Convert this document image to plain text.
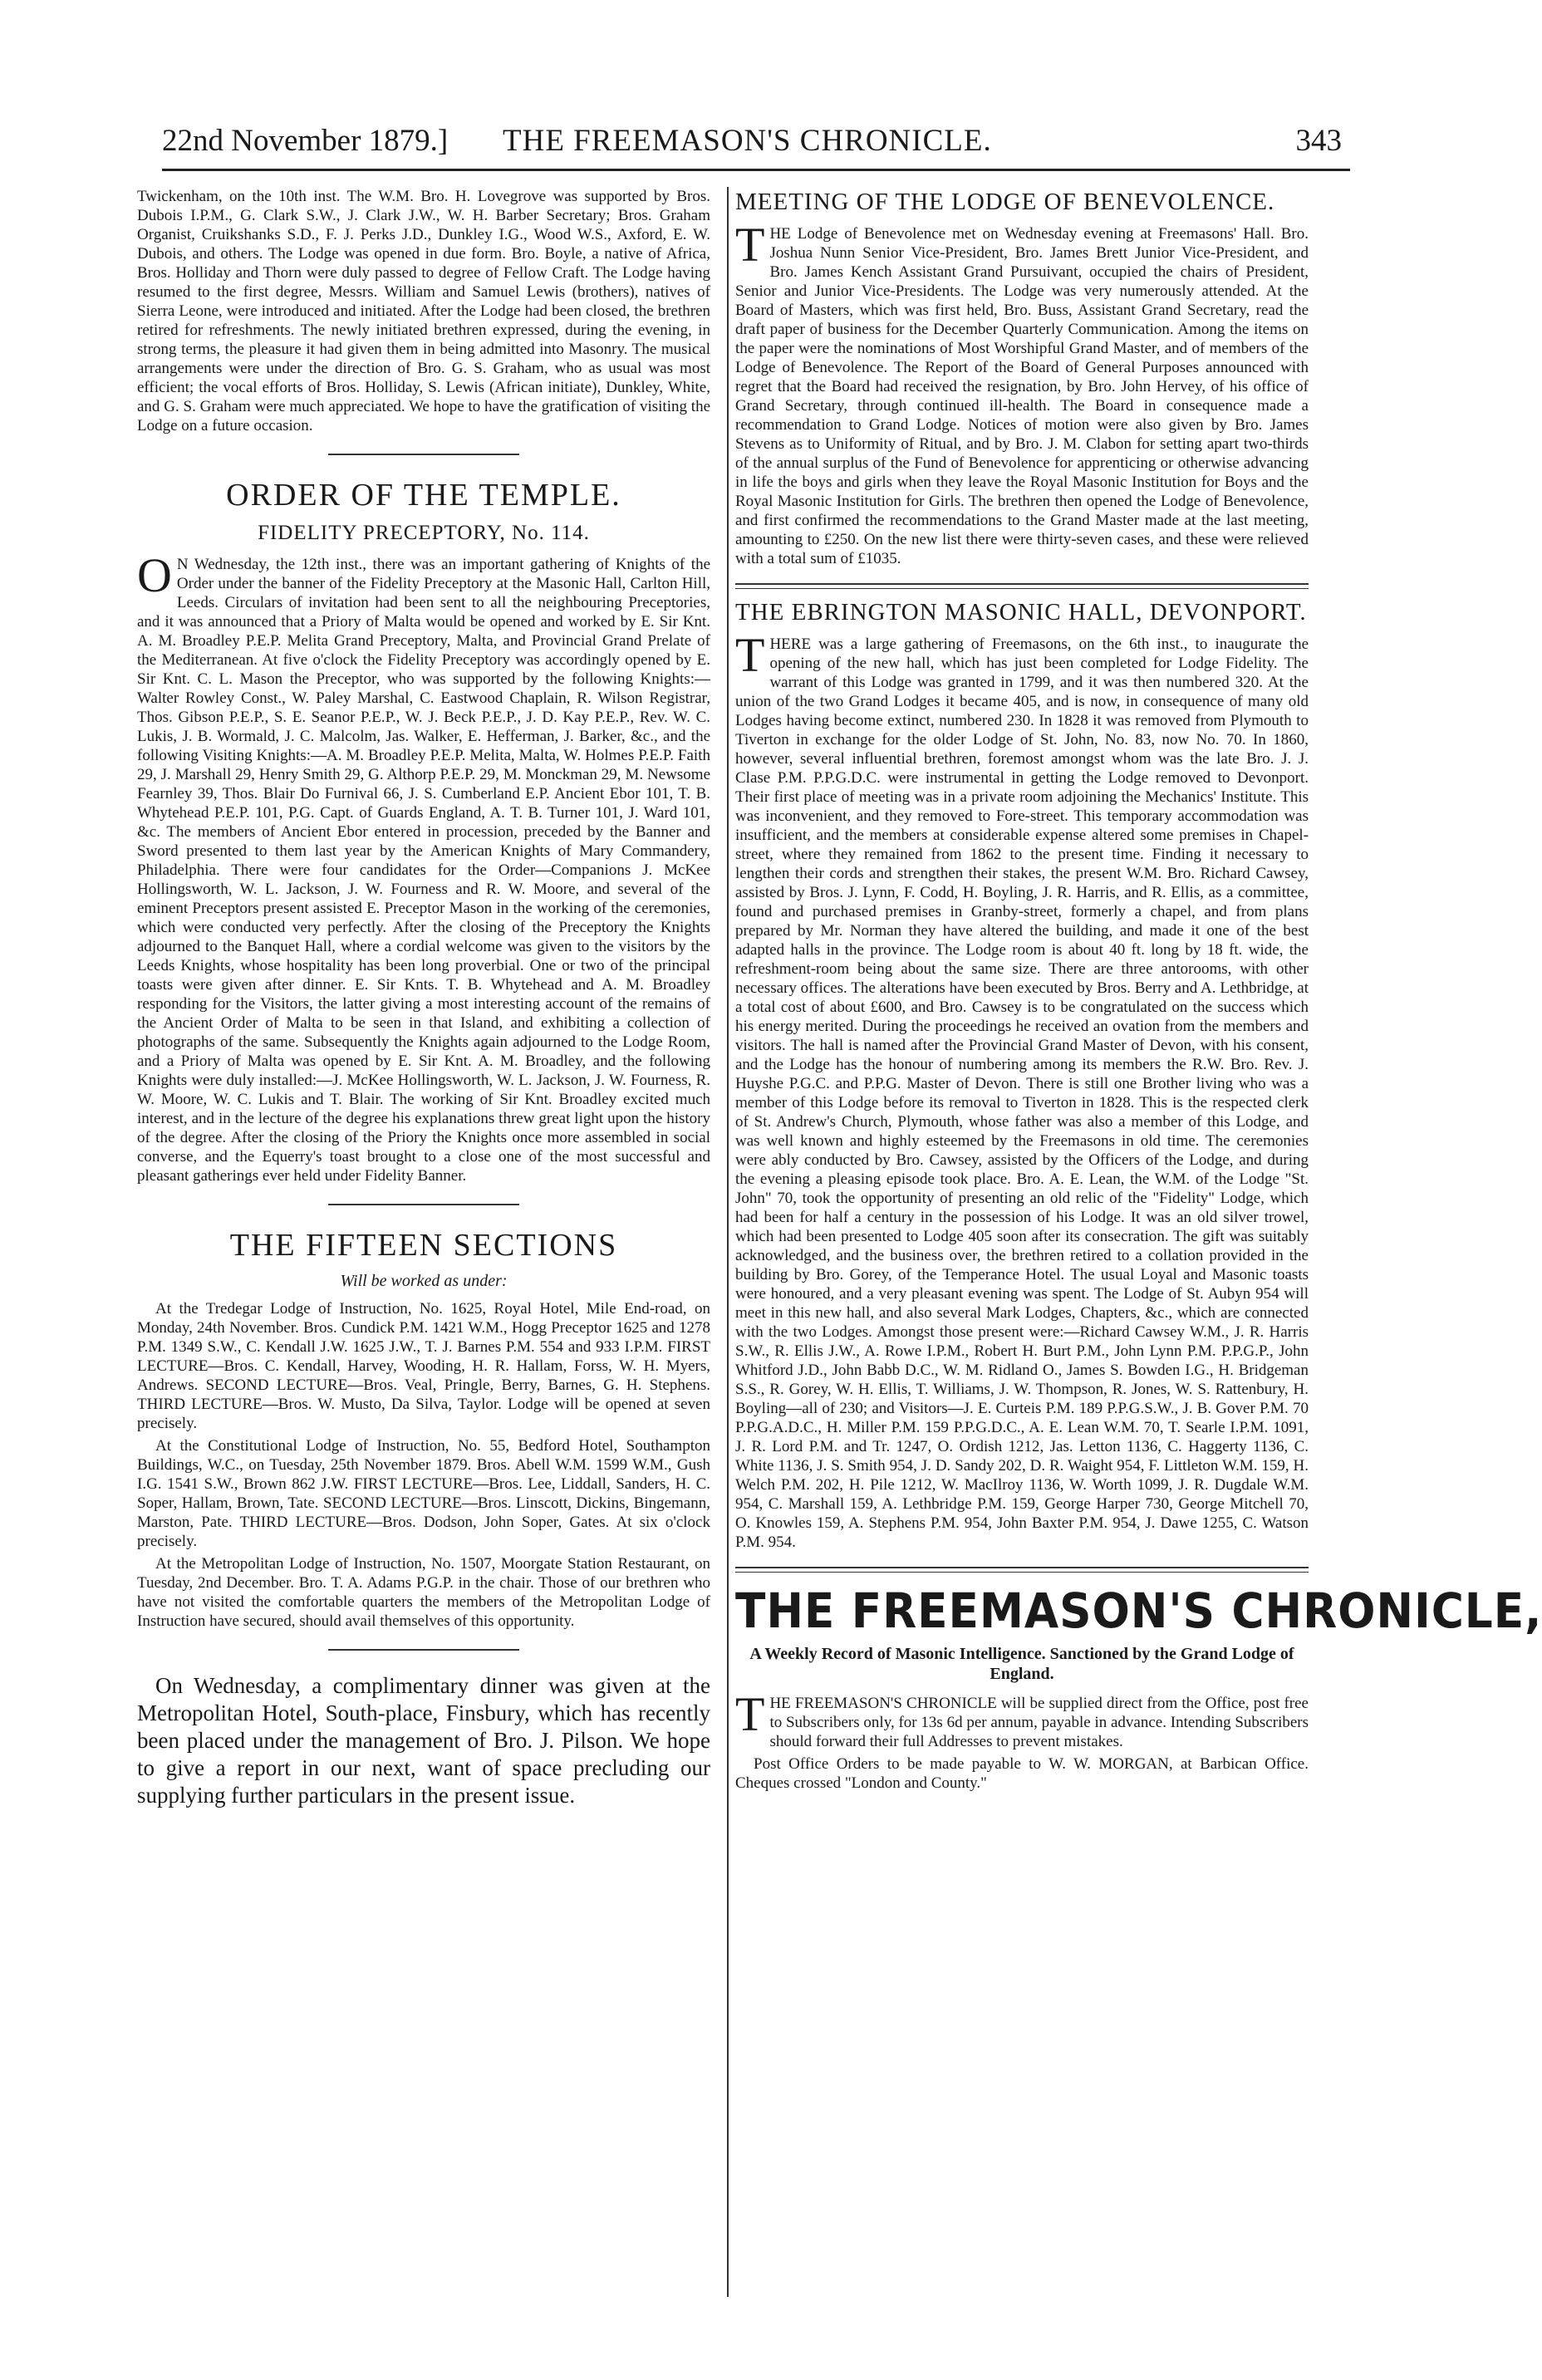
22nd November 1879.] THE FREEMASON'S CHRONICLE.	343

Twickenham, on the 10th inst. The W.M. Bro. H. Lovegrove was supported by Bros. Dubois I.P.M., G. Clark S.W., J. Clark J.W., W. H. Barber Secretary; Bros. Graham Organist, Cruikshanks S.D., F. J. Perks J.D., Dunkley I.G., Wood W.S., Axford, E. W. Dubois, and others. The Lodge was opened in due form. Bro. Boyle, a native of Africa, Bros. Holliday and Thorn were duly passed to degree of Fellow Craft. The Lodge having resumed to the first degree, Messrs. William and Samuel Lewis (brothers), natives of Sierra Leone, were introduced and initiated. After the Lodge had been closed, the brethren retired for refreshments. The newly initiated brethren expressed, during the evening, in strong terms, the pleasure it had given them in being admitted into Masonry. The musical arrangements were under the direction of Bro. G. S. Graham, who as usual was most efficient; the vocal efforts of Bros. Holliday, S. Lewis (African initiate), Dunkley, White, and G. S. Graham were much appreciated. We hope to have the gratification of visiting the Lodge on a future occasion.

ORDER OF THE TEMPLE.
FIDELITY PRECEPTORY, No. 114.

O N Wednesday, the 12th inst., there was an important gathering of Knights of the Order under the banner of the Fidelity Preceptory at the Masonic Hall, Carlton Hill, Leeds. Circulars of invitation had been sent to all the neighbouring Preceptories, and it was announced that a Priory of Malta would be opened and worked by E. Sir Knt. A. M. Broadley P.E.P. Melita Grand Preceptory, Malta, and Provincial Grand Prelate of the Mediterranean. At five o'clock the Fidelity Preceptory was accordingly opened by E. Sir Knt. C. L. Mason the Preceptor, who was supported by the following Knights:— Walter Rowley Const., W. Paley Marshal, C. Eastwood Chaplain, R. Wilson Registrar, Thos. Gibson P.E.P., S. E. Seanor P.E.P., W. J. Beck P.E.P., J. D. Kay P.E.P., Rev. W. C. Lukis, J. B. Wormald, J. C. Malcolm, Jas. Walker, E. Hefferman, J. Barker, &c., and the following Visiting Knights:—A. M. Broadley P.E.P. Melita, Malta, W. Holmes P.E.P. Faith 29, J. Marshall 29, Henry Smith 29, G. Althorp P.E.P. 29, M. Monckman 29, M. Newsome Fearnley 39, Thos. Blair Do Furnival 66, J. S. Cumberland E.P. Ancient Ebor 101, T. B. Whytehead P.E.P. 101, P.G. Capt. of Guards England, A. T. B. Turner 101, J. Ward 101, &c. The members of Ancient Ebor entered in procession, preceded by the Banner and Sword presented to them last year by the American Knights of Mary Commandery, Philadelphia. There were four candidates for the Order—Companions J. McKee Hollingsworth, W. L. Jackson, J. W. Fourness and R. W. Moore, and several of the eminent Preceptors present assisted E. Preceptor Mason in the working of the ceremonies, which were conducted very perfectly. After the closing of the Preceptory the Knights adjourned to the Banquet Hall, where a cordial welcome was given to the visitors by the Leeds Knights, whose hospitality has been long proverbial. One or two of the principal toasts were given after dinner. E. Sir Knts. T. B. Whytehead and A. M. Broadley responding for the Visitors, the latter giving a most interesting account of the remains of the Ancient Order of Malta to be seen in that Island, and exhibiting a collection of photographs of the same. Subsequently the Knights again adjourned to the Lodge Room, and a Priory of Malta was opened by E. Sir Knt. A. M. Broadley, and the following Knights were duly installed:—J. McKee Hollingsworth, W. L. Jackson, J. W. Fourness, R. W. Moore, W. C. Lukis and T. Blair. The working of Sir Knt. Broadley excited much interest, and in the lecture of the degree his explanations threw great light upon the history of the degree. After the closing of the Priory the Knights once more assembled in social converse, and the Equerry's toast brought to a close one of the most successful and pleasant gatherings ever held under Fidelity Banner.

THE FIFTEEN SECTIONS
Will be worked as under:

At the Tredegar Lodge of Instruction, No. 1625, Royal Hotel, Mile End-road, on Monday, 24th November. Bros. Cundick P.M. 1421 W.M., Hogg Preceptor 1625 and 1278 P.M. 1349 S.W., C. Kendall J.W. 1625 J.W., T. J. Barnes P.M. 554 and 933 I.P.M. FIRST LECTURE—Bros. C. Kendall, Harvey, Wooding, H. R. Hallam, Forss, W. H. Myers, Andrews. SECOND LECTURE—Bros. Veal, Pringle, Berry, Barnes, G. H. Stephens. THIRD LECTURE—Bros. W. Musto, Da Silva, Taylor. Lodge will be opened at seven precisely.

At the Constitutional Lodge of Instruction, No. 55, Bedford Hotel, Southampton Buildings, W.C., on Tuesday, 25th November 1879. Bros. Abell W.M. 1599 W.M., Gush I.G. 1541 S.W., Brown 862 J.W. FIRST LECTURE—Bros. Lee, Liddall, Sanders, H. C. Soper, Hallam, Brown, Tate. SECOND LECTURE—Bros. Linscott, Dickins, Bingemann, Marston, Pate. THIRD LECTURE—Bros. Dodson, John Soper, Gates. At six o'clock precisely.

At the Metropolitan Lodge of Instruction, No. 1507, Moorgate Station Restaurant, on Tuesday, 2nd December. Bro. T. A. Adams P.G.P. in the chair. Those of our brethren who have not visited the comfortable quarters the members of the Metropolitan Lodge of Instruction have secured, should avail themselves of this opportunity.

On Wednesday, a complimentary dinner was given at the Metropolitan Hotel, South-place, Finsbury, which has recently been placed under the management of Bro. J. Pilson. We hope to give a report in our next, want of space precluding our supplying further particulars in the present issue.

MEETING OF THE LODGE OF BENEVOLENCE.

T HE Lodge of Benevolence met on Wednesday evening at Freemasons' Hall. Bro. Joshua Nunn Senior Vice-President, Bro. James Brett Junior Vice-President, and Bro. James Kench Assistant Grand Pursuivant, occupied the chairs of President, Senior and Junior Vice-Presidents. The Lodge was very numerously attended. At the Board of Masters, which was first held, Bro. Buss, Assistant Grand Secretary, read the draft paper of business for the December Quarterly Communication. Among the items on the paper were the nominations of Most Worshipful Grand Master, and of members of the Lodge of Benevolence. The Report of the Board of General Purposes announced with regret that the Board had received the resignation, by Bro. John Hervey, of his office of Grand Secretary, through continued ill-health. The Board in consequence made a recommendation to Grand Lodge. Notices of motion were also given by Bro. James Stevens as to Uniformity of Ritual, and by Bro. J. M. Clabon for setting apart two-thirds of the annual surplus of the Fund of Benevolence for apprenticing or otherwise advancing in life the boys and girls when they leave the Royal Masonic Institution for Boys and the Royal Masonic Institution for Girls. The brethren then opened the Lodge of Benevolence, and first confirmed the recommendations to the Grand Master made at the last meeting, amounting to £250. On the new list there were thirty-seven cases, and these were relieved with a total sum of £1035.

THE EBRINGTON MASONIC HALL, DEVONPORT.

T HERE was a large gathering of Freemasons, on the 6th inst., to inaugurate the opening of the new hall, which has just been completed for Lodge Fidelity. The warrant of this Lodge was granted in 1799, and it was then numbered 320. At the union of the two Grand Lodges it became 405, and is now, in consequence of many old Lodges having become extinct, numbered 230. In 1828 it was removed from Plymouth to Tiverton in exchange for the older Lodge of St. John, No. 83, now No. 70. In 1860, however, several influential brethren, foremost amongst whom was the late Bro. J. J. Clase P.M. P.P.G.D.C. were instrumental in getting the Lodge removed to Devonport. Their first place of meeting was in a private room adjoining the Mechanics' Institute. This was inconvenient, and they removed to Fore-street. This temporary accommodation was insufficient, and the members at considerable expense altered some premises in Chapel-street, where they remained from 1862 to the present time. Finding it necessary to lengthen their cords and strengthen their stakes, the present W.M. Bro. Richard Cawsey, assisted by Bros. J. Lynn, F. Codd, H. Boyling, J. R. Harris, and R. Ellis, as a committee, found and purchased premises in Granby-street, formerly a chapel, and from plans prepared by Mr. Norman they have altered the building, and made it one of the best adapted halls in the province. The Lodge room is about 40 ft. long by 18 ft. wide, the refreshment-room being about the same size. There are three antorooms, with other necessary offices. The alterations have been executed by Bros. Berry and A. Lethbridge, at a total cost of about £600, and Bro. Cawsey is to be congratulated on the success which his energy merited. During the proceedings he received an ovation from the members and visitors. The hall is named after the Provincial Grand Master of Devon, with his consent, and the Lodge has the honour of numbering among its members the R.W. Bro. Rev. J. Huyshe P.G.C. and P.P.G. Master of Devon. There is still one Brother living who was a member of this Lodge before its removal to Tiverton in 1828. This is the respected clerk of St. Andrew's Church, Plymouth, whose father was also a member of this Lodge, and was well known and highly esteemed by the Freemasons in old time. The ceremonies were ably conducted by Bro. Cawsey, assisted by the Officers of the Lodge, and during the evening a pleasing episode took place. Bro. A. E. Lean, the W.M. of the Lodge "St. John" 70, took the opportunity of presenting an old relic of the "Fidelity" Lodge, which had been for half a century in the possession of his Lodge. It was an old silver trowel, which had been presented to Lodge 405 soon after its consecration. The gift was suitably acknowledged, and the business over, the brethren retired to a collation provided in the building by Bro. Gorey, of the Temperance Hotel. The usual Loyal and Masonic toasts were honoured, and a very pleasant evening was spent. The Lodge of St. Aubyn 954 will meet in this new hall, and also several Mark Lodges, Chapters, &c., which are connected with the two Lodges. Amongst those present were:—Richard Cawsey W.M., J. R. Harris S.W., R. Ellis J.W., A. Rowe I.P.M., Robert H. Burt P.M., John Lynn P.M. P.P.G.P., John Whitford J.D., John Babb D.C., W. M. Ridland O., James S. Bowden I.G., H. Bridgeman S.S., R. Gorey, W. H. Ellis, T. Williams, J. W. Thompson, R. Jones, W. S. Rattenbury, H. Boyling—all of 230; and Visitors—J. E. Curteis P.M. 189 P.P.G.S.W., J. B. Gover P.M. 70 P.P.G.A.D.C., H. Miller P.M. 159 P.P.G.D.C., A. E. Lean W.M. 70, T. Searle I.P.M. 1091, J. R. Lord P.M. and Tr. 1247, O. Ordish 1212, Jas. Letton 1136, C. Haggerty 1136, C. White 1136, J. S. Smith 954, J. D. Sandy 202, D. R. Waight 954, F. Littleton W.M. 159, H. Welch P.M. 202, H. Pile 1212, W. MacIlroy 1136, W. Worth 1099, J. R. Dugdale W.M. 954, C. Marshall 159, A. Lethbridge P.M. 159, George Harper 730, George Mitchell 70, O. Knowles 159, A. Stephens P.M. 954, John Baxter P.M. 954, J. Dawe 1255, C. Watson P.M. 954.

THE FREEMASON'S CHRONICLE,
A Weekly Record of Masonic Intelligence. Sanctioned by the Grand Lodge of England.

T HE FREEMASON'S CHRONICLE will be supplied direct from the Office, post free to Subscribers only, for 13s 6d per annum, payable in advance. Intending Subscribers should forward their full Addresses to prevent mistakes.

Post Office Orders to be made payable to W. W. MORGAN, at Barbican Office. Cheques crossed "London and County."
